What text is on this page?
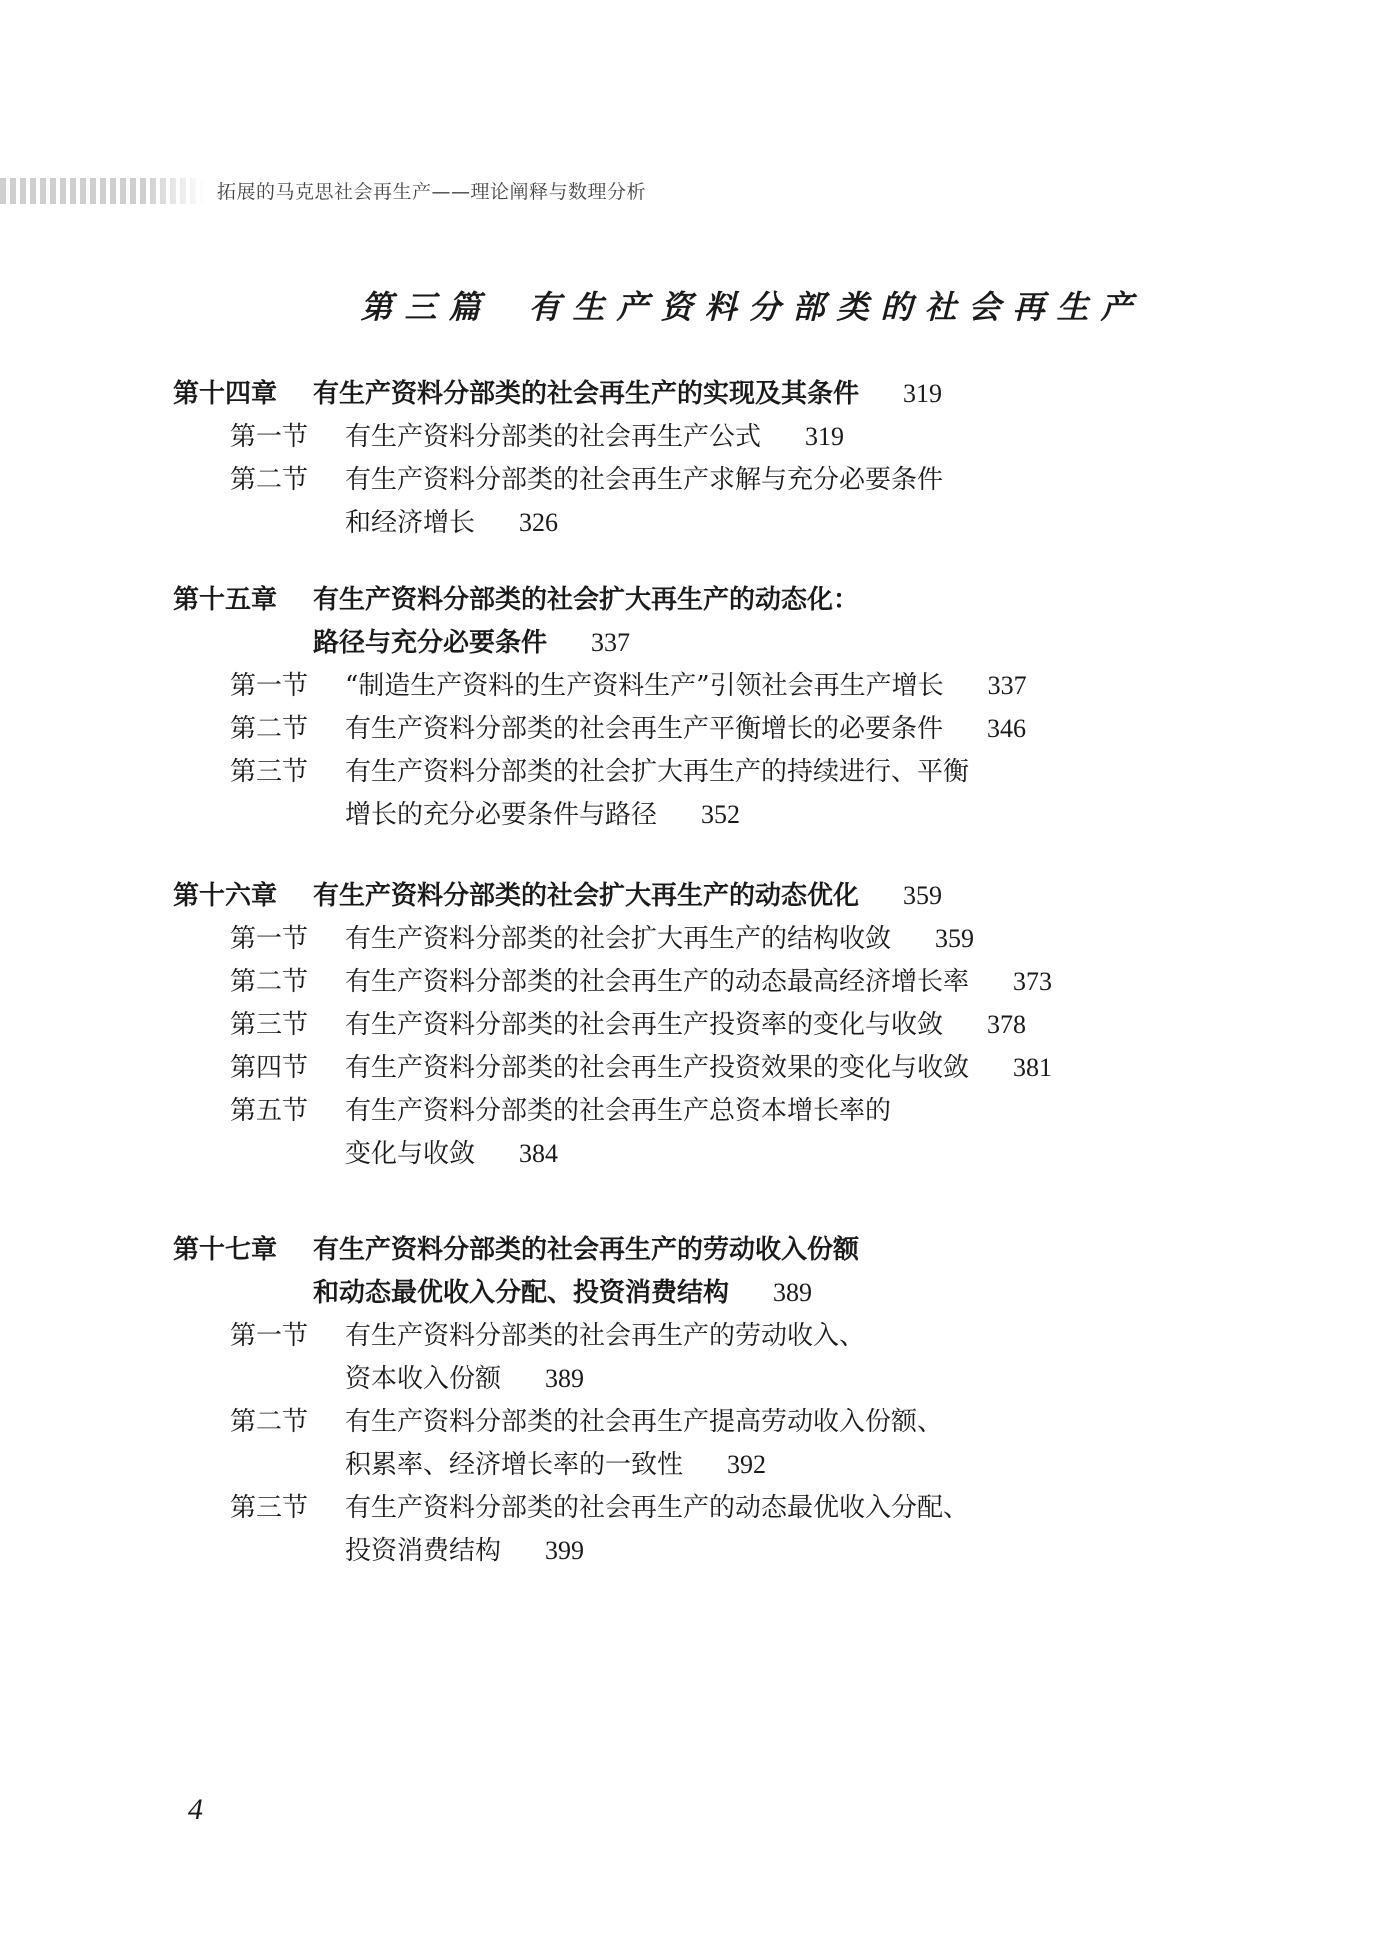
拓展的马克思社会再生产——理论阐释与数理分析
第三篇 有生产资料分部类的社会再生产
第十四章 有生产资料分部类的社会再生产的实现及其条件 319
第一节 有生产资料分部类的社会再生产公式 319
第二节 有生产资料分部类的社会再生产求解与充分必要条件
和经济增长 326
第十五章 有生产资料分部类的社会扩大再生产的动态化：
路径与充分必要条件 337
第一节 “制造生产资料的生产资料生产”引领社会再生产增长 337
第二节 有生产资料分部类的社会再生产平衡增长的必要条件 346
第三节 有生产资料分部类的社会扩大再生产的持续进行、平衡
增长的充分必要条件与路径 352
第十六章 有生产资料分部类的社会扩大再生产的动态优化 359
第一节 有生产资料分部类的社会扩大再生产的结构收敛 359
第二节 有生产资料分部类的社会再生产的动态最高经济增长率 373
第三节 有生产资料分部类的社会再生产投资率的变化与收敛 378
第四节 有生产资料分部类的社会再生产投资效果的变化与收敛 381
第五节 有生产资料分部类的社会再生产总资本增长率的
变化与收敛 384
第十七章 有生产资料分部类的社会再生产的劳动收入份额
和动态最优收入分配、投资消费结构 389
第一节 有生产资料分部类的社会再生产的劳动收入、
资本收入份额 389
第二节 有生产资料分部类的社会再生产提高劳动收入份额、
积累率、经济增长率的一致性 392
第三节 有生产资料分部类的社会再生产的动态最优收入分配、
投资消费结构 399
4
